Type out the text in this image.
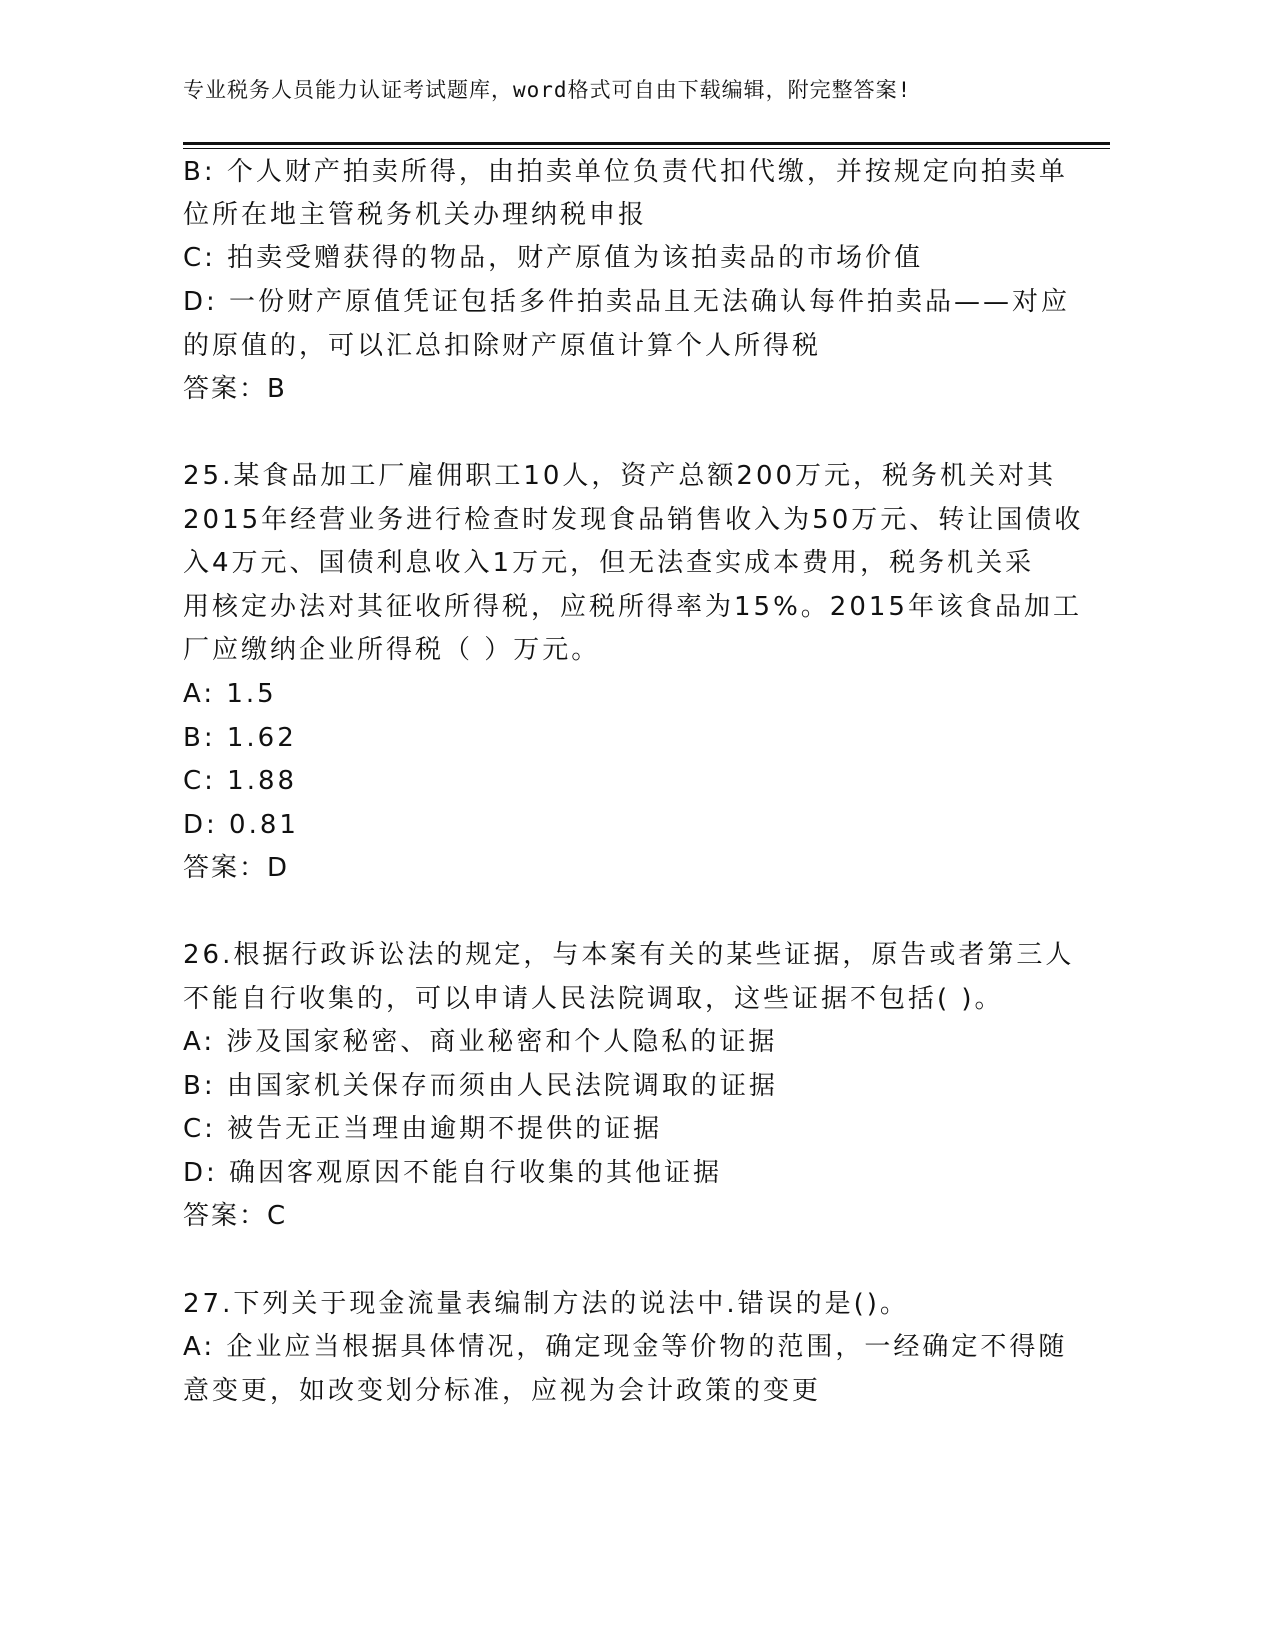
专业税务人员能力认证考试题库，word格式可自由下载编辑，附完整答案!
B: 个人财产拍卖所得，由拍卖单位负责代扣代缴，并按规定向拍卖单
位所在地主管税务机关办理纳税申报
C: 拍卖受赠获得的物品，财产原值为该拍卖品的市场价值
D: 一份财产原值凭证包括多件拍卖品且无法确认每件拍卖品——对应
的原值的，可以汇总扣除财产原值计算个人所得税
答案：B
25.某食品加工厂雇佣职工10人，资产总额200万元，税务机关对其
2015年经营业务进行检查时发现食品销售收入为50万元、转让国债收
入4万元、国债利息收入1万元，但无法查实成本费用，税务机关采
用核定办法对其征收所得税，应税所得率为15%。2015年该食品加工
厂应缴纳企业所得税（ ）万元。
A: 1.5
B: 1.62
C: 1.88
D: 0.81
答案：D
26.根据行政诉讼法的规定，与本案有关的某些证据，原告或者第三人
不能自行收集的，可以申请人民法院调取，这些证据不包括( )。
A: 涉及国家秘密、商业秘密和个人隐私的证据
B: 由国家机关保存而须由人民法院调取的证据
C: 被告无正当理由逾期不提供的证据
D: 确因客观原因不能自行收集的其他证据
答案：C
27.下列关于现金流量表编制方法的说法中.错误的是()。
A: 企业应当根据具体情况，确定现金等价物的范围，一经确定不得随
意变更，如改变划分标准，应视为会计政策的变更
